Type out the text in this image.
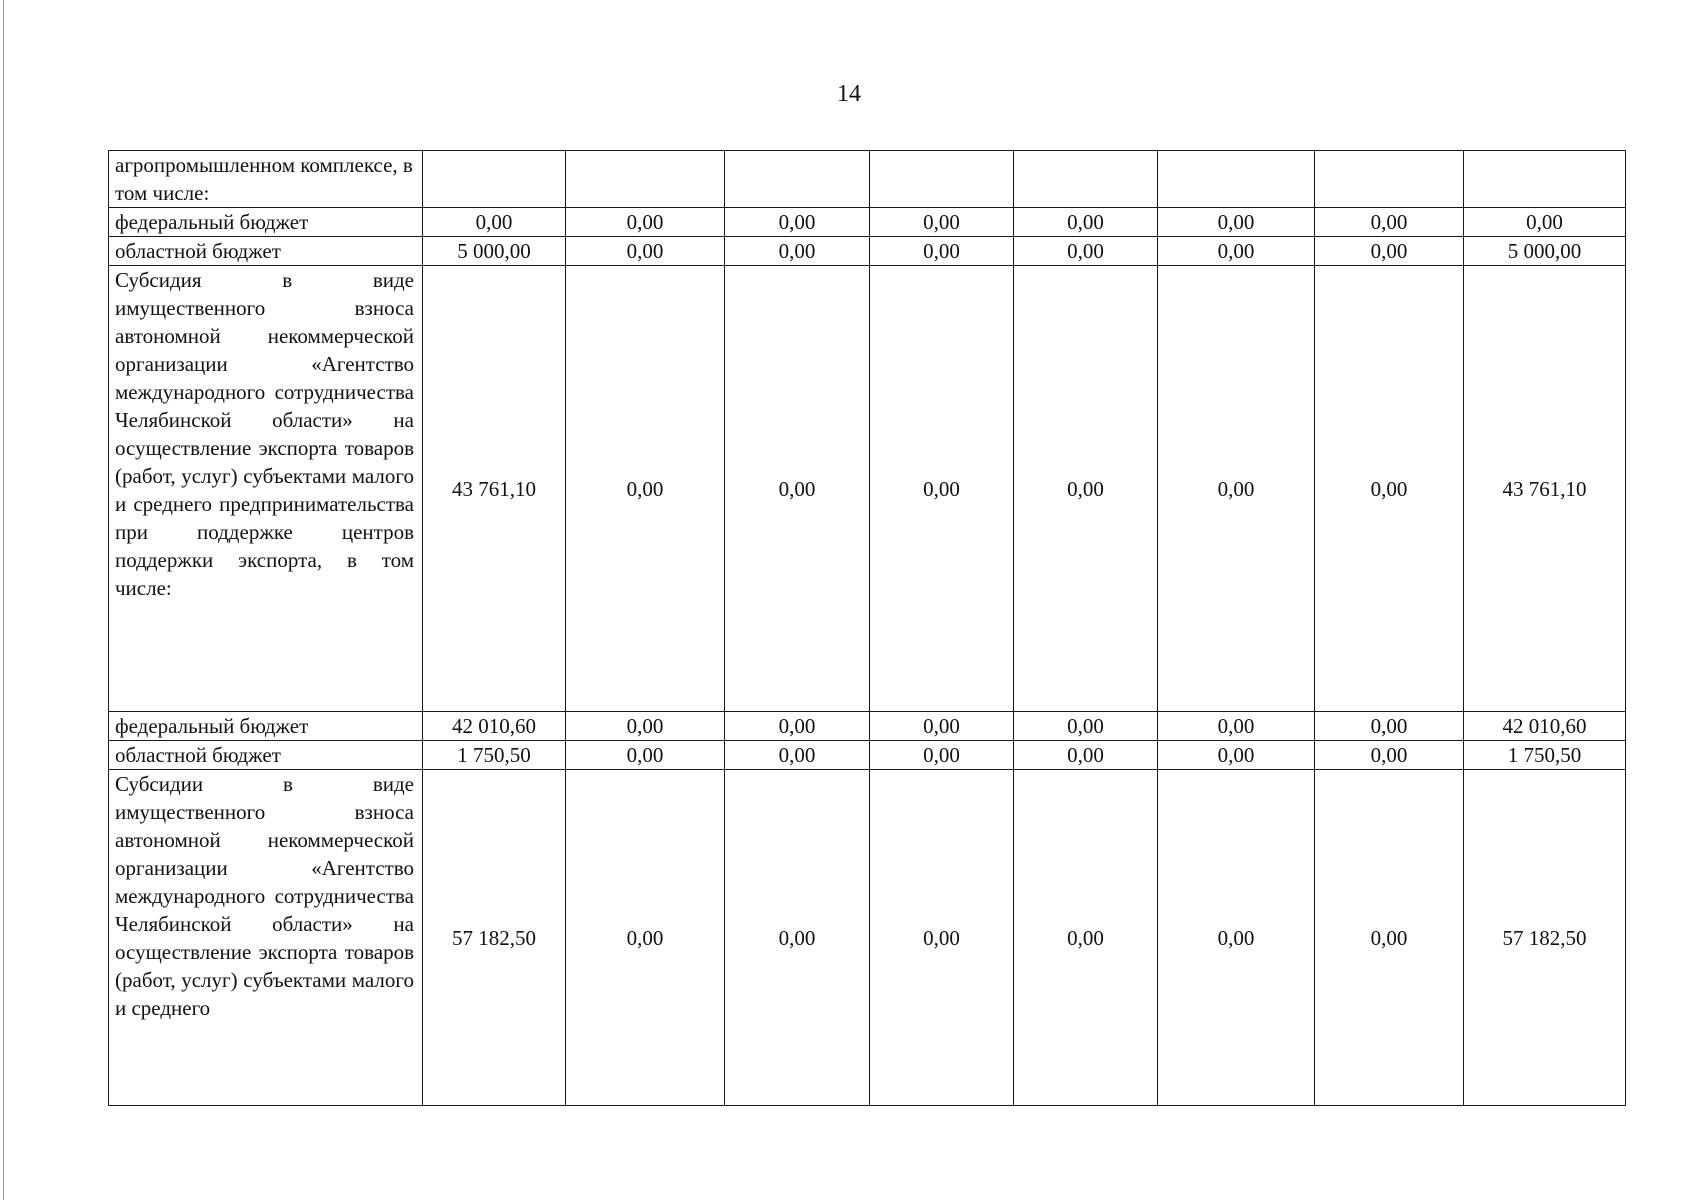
14
агропромышленном комплексе, в том числе:								
федеральный бюджет	0,00	0,00	0,00	0,00	0,00	0,00	0,00	0,00
областной бюджет	5 000,00	0,00	0,00	0,00	0,00	0,00	0,00	5 000,00

Субсидия в виде имущественного взноса автономной некоммерческой организации «Агентство международного сотрудничества Челябинской области» на осуществление экспорта товаров (работ, услуг) субъектами малого и среднего предпринимательства при поддержке центров поддержки экспорта, в том числе:	43 761,10	0,00	0,00	0,00	0,00	0,00	0,00	43 761,10
федеральный бюджет	42 010,60	0,00	0,00	0,00	0,00	0,00	0,00	42 010,60
областной бюджет	1 750,50	0,00	0,00	0,00	0,00	0,00	0,00	1 750,50

Субсидии в виде имущественного взноса автономной некоммерческой организации «Агентство международного сотрудничества Челябинской области» на осуществление экспорта товаров (работ, услуг) субъектами малого и среднего	57 182,50	0,00	0,00	0,00	0,00	0,00	0,00	57 182,50
